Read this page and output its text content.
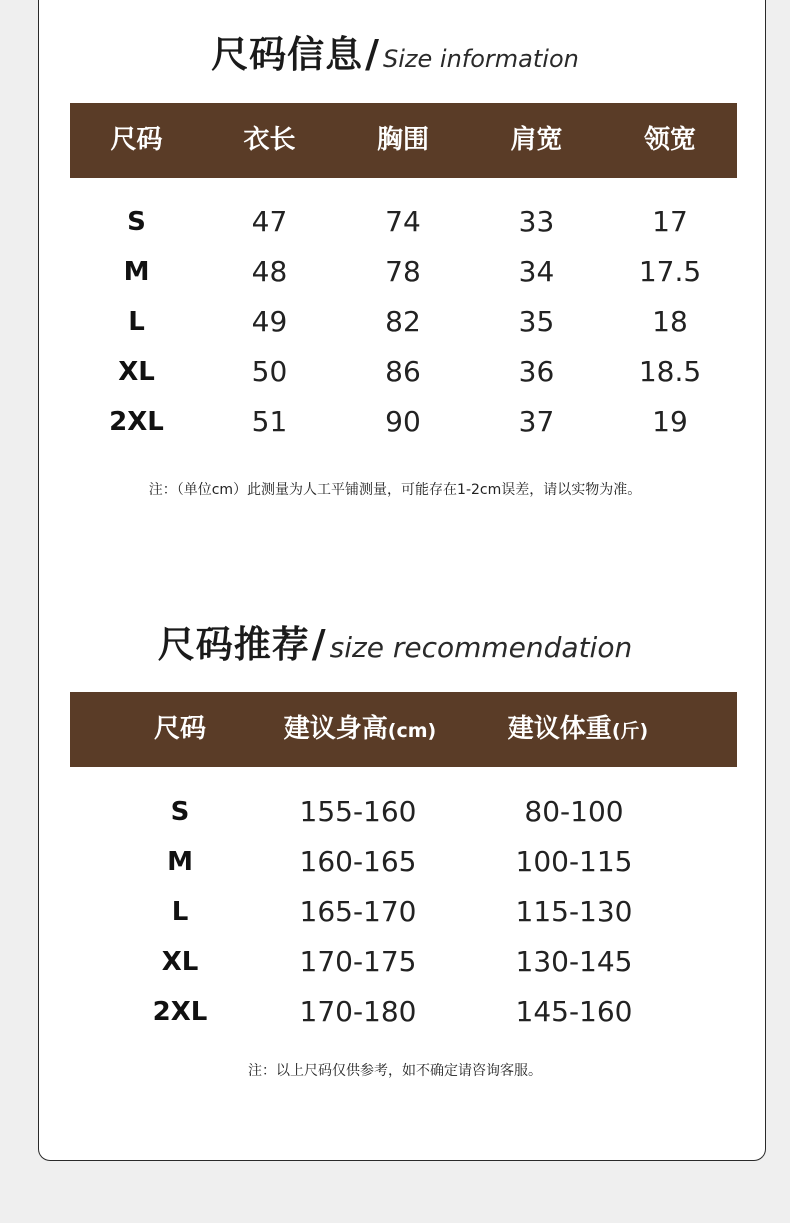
尺码信息/ Size information
尺码	衣长	胸围	肩宽	领宽
S	47	74	33	17
M	48	78	34	17.5
L	49	82	35	18
XL	50	86	36	18.5
2XL	51	90	37	19
注：（单位cm）此测量为人工平铺测量，可能存在1-2cm误差，请以实物为准。
尺码推荐/ size recommendation
尺码	建议身高(cm)	建议体重(斤)
S	155-160	80-100
M	160-165	100-115
L	165-170	115-130
XL	170-175	130-145
2XL	170-180	145-160
注：以上尺码仅供参考，如不确定请咨询客服。
